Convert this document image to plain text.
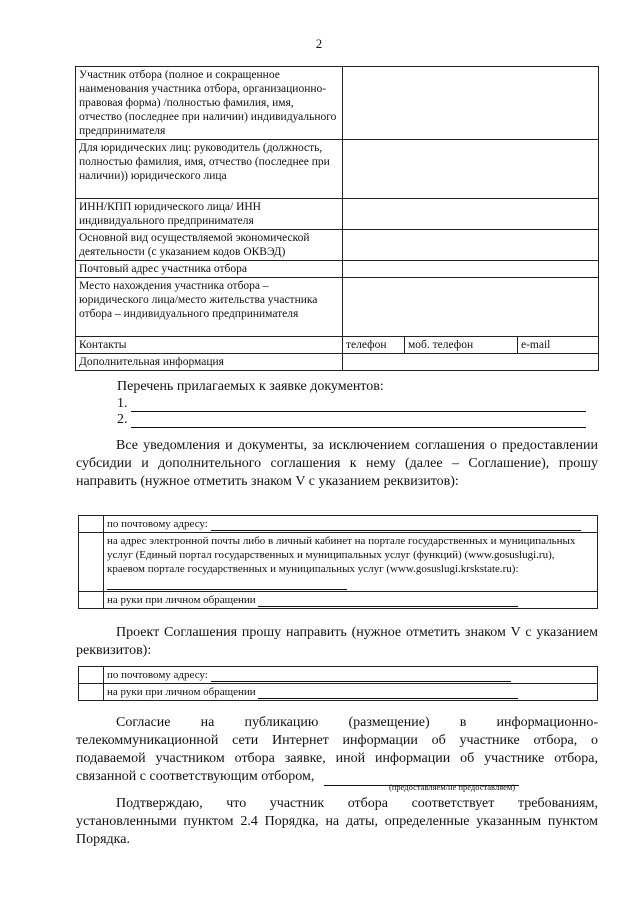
2
Участник отбора (полное и сокращенное наименования участника отбора, организационно-правовая форма) /полностью фамилия, имя, отчество (последнее при наличии) индивидуального предпринимателя			
Для юридических лиц: руководитель (должность, полностью фамилия, имя, отчество (последнее при наличии)) юридического лица			
ИНН/КПП юридического лица/ ИНН индивидуального предпринимателя			
Основной вид осуществляемой экономической деятельности (с указанием кодов ОКВЭД)			
Почтовый адрес участника отбора			
Место нахождения участника отбора – юридического лица/место жительства участника отбора – индивидуального предпринимателя			
Контакты	телефон	моб. телефон	e-mail
Дополнительная информация			
Перечень прилагаемых к заявке документов:
1.
2.
Все уведомления и документы, за исключением соглашения о предоставлении субсидии и дополнительного соглашения к нему (далее – Соглашение), прошу направить (нужное отметить знаком V с указанием реквизитов):
	по почтовому адресу:
	на адрес электронной почты либо в личный кабинет на портале государственных и муниципальных услуг (Единый портал государственных и муниципальных услуг (функций) (www.gosuslugi.ru), краевом портале государственных и муниципальных услуг (www.gosuslugi.krskstate.ru):
	на руки при личном обращении
Проект Соглашения прошу направить (нужное отметить знаком V с указанием реквизитов):
	по почтовому адресу:
	на руки при личном обращении
Согласие на публикацию (размещение) в информационно-телекоммуникационной сети Интернет информации об участнике отбора, о подаваемой участником отбора заявке, иной информации об участнике отбора, связанной с соответствующим отбором,
(предоставляем/не предоставляем)
Подтверждаю, что участник отбора соответствует требованиям, установленными пунктом 2.4 Порядка, на даты, определенные указанным пунктом Порядка.
